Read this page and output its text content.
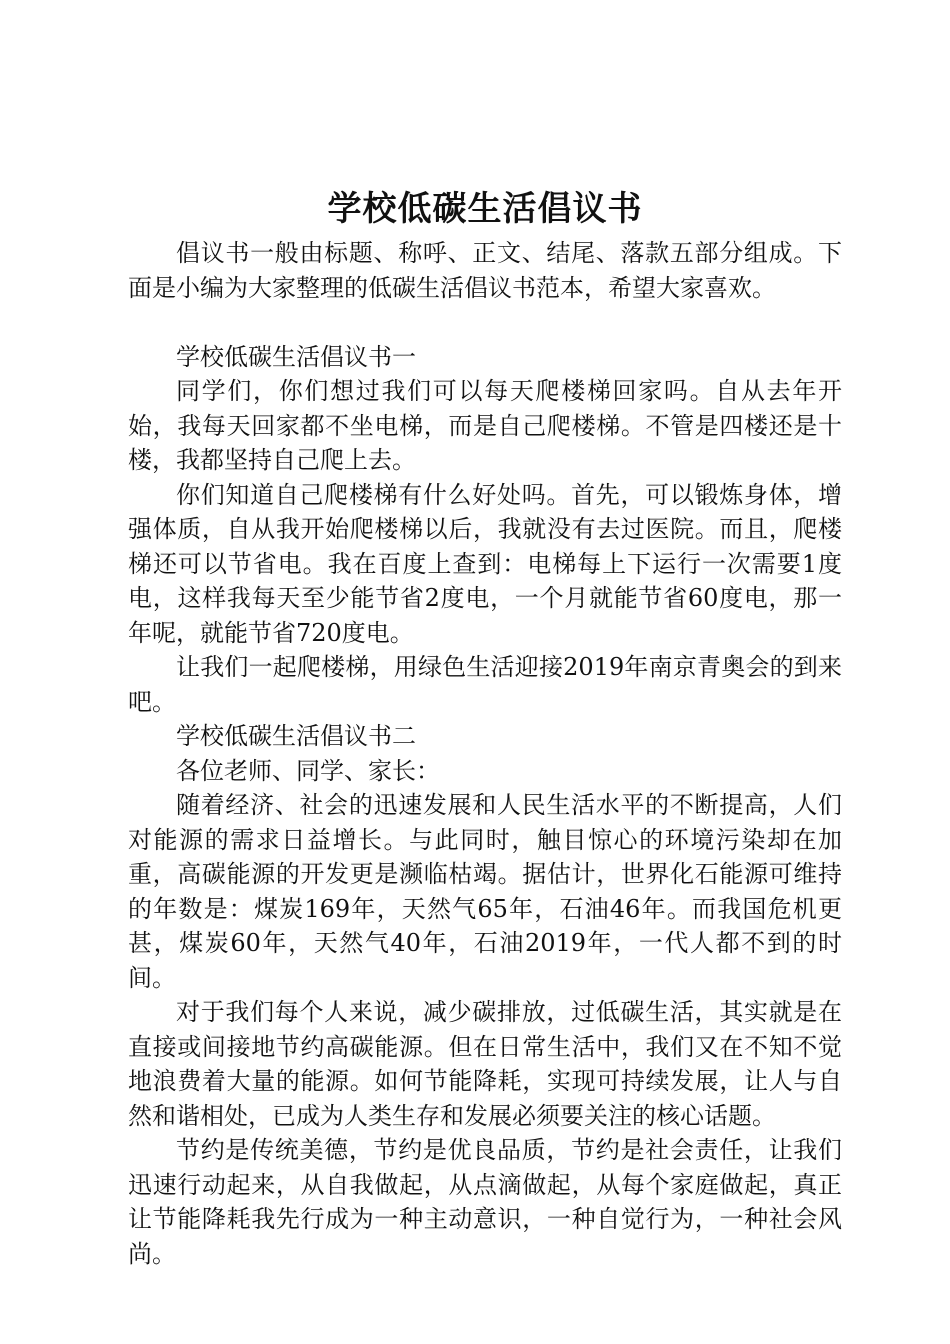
学校低碳生活倡议书

倡议书一般由标题、称呼、正文、结尾、落款五部分组成。下面是小编为大家整理的低碳生活倡议书范本，希望大家喜欢。

学校低碳生活倡议书一

同学们，你们想过我们可以每天爬楼梯回家吗。自从去年开始，我每天回家都不坐电梯，而是自己爬楼梯。不管是四楼还是十楼，我都坚持自己爬上去。

你们知道自己爬楼梯有什么好处吗。首先，可以锻炼身体，增强体质，自从我开始爬楼梯以后，我就没有去过医院。而且，爬楼梯还可以节省电。我在百度上查到：电梯每上下运行一次需要1度电，这样我每天至少能节省2度电，一个月就能节省60度电，那一年呢，就能节省720度电。

让我们一起爬楼梯，用绿色生活迎接2019年南京青奥会的到来吧。

学校低碳生活倡议书二

各位老师、同学、家长：

随着经济、社会的迅速发展和人民生活水平的不断提高，人们对能源的需求日益增长。与此同时，触目惊心的环境污染却在加重，高碳能源的开发更是濒临枯竭。据估计，世界化石能源可维持的年数是：煤炭169年，天然气65年，石油46年。而我国危机更甚，煤炭60年，天然气40年，石油2019年，一代人都不到的时间。

对于我们每个人来说，减少碳排放，过低碳生活，其实就是在直接或间接地节约高碳能源。但在日常生活中，我们又在不知不觉地浪费着大量的能源。如何节能降耗，实现可持续发展，让人与自然和谐相处，已成为人类生存和发展必须要关注的核心话题。

节约是传统美德，节约是优良品质，节约是社会责任，让我们迅速行动起来，从自我做起，从点滴做起，从每个家庭做起，真正让节能降耗我先行成为一种主动意识，一种自觉行为，一种社会风尚。
